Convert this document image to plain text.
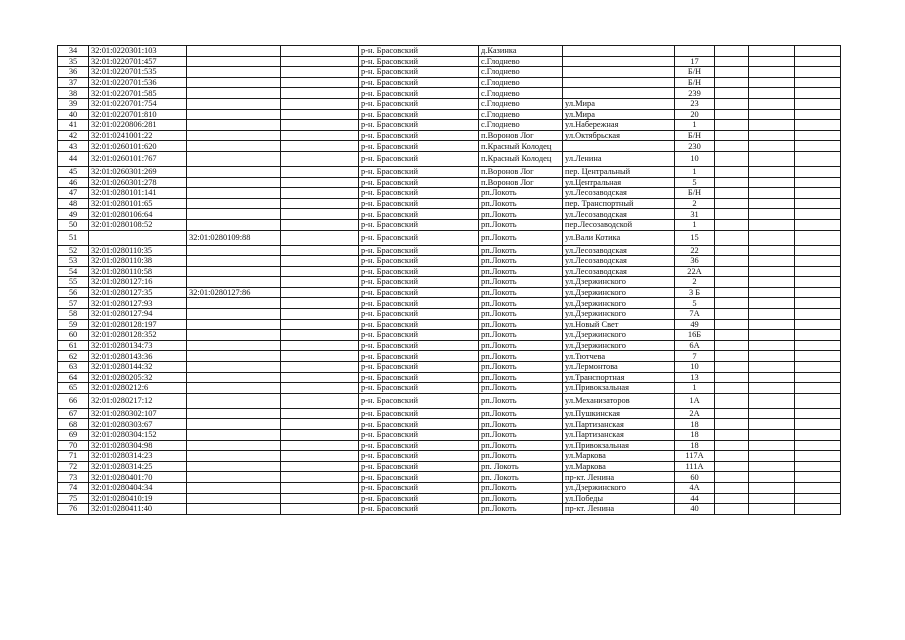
34	32:01:0220301:103			р-н. Брасовский	д.Казинка					
35	32:01:0220701:457			р-н. Брасовский	с.Глодневo		17			
36	32:01:0220701:535			р-н. Брасовский	с.Глодневo		Б/Н			
37	32:01:0220701:536			р-н. Брасовский	с.Глоднево		Б/Н			
38	32:01:0220701:585			р-н. Брасовский	с.Глоднево		239			
39	32:01:0220701:754			р-н. Брасовский	с.Глоднево	ул.Мира	23			
40	32:01:0220701:810			р-н. Брасовский	с.Глоднево	ул.Мира	20			
41	32:01:0220806:281			р-н. Брасовский	с.Глоднево	ул.Набережная	1			
42	32:01:0241001:22			р-н. Брасовский	п.Воронов Лог	ул.Октябрьская	Б/Н			
43	32:01:0260101:620			р-н. Брасовский	п.Красный Колодец		230			
44	32:01:0260101:767			р-н. Брасовский	п.Красный Колодец	ул.Ленина	10			
45	32:01:0260301:269			р-н. Брасовский	п.Воронов Лог	пер. Центральный	1			
46	32:01:0260301:278			р-н. Брасовский	п.Воронов Лог	ул.Центральная	5			
47	32:01:0280101:141			р-н. Брасовский	рп.Локоть	ул.Лесозаводская	Б/Н			
48	32:01:0280101:65			р-н. Брасовский	рп.Локоть	пер. Транспортный	2			
49	32:01:0280106:64			р-н. Брасовский	рп.Локоть	ул.Лесозаводская	31			
50	32:01:0280108:52			р-н. Брасовский	рп.Локоть	пер.Лесозаводской	1			
51		32:01:0280109:88		р-н. Брасовский	рп.Локоть	ул.Вали Котика	15			
52	32:01:0280110:35			р-н. Брасовский	рп.Локоть	ул.Лесозаводская	22			
53	32:01:0280110:38			р-н. Брасовский	рп.Локоть	ул.Лесозаводская	36			
54	32:01:0280110:58			р-н. Брасовский	рп.Локоть	ул.Лесозаводская	22А			
55	32:01:0280127:16			р-н. Брасовский	рп.Локоть	ул.Дзержинского	2			
56	32:01:0280127:35	32:01:0280127:86		р-н. Брасовский	рп.Локоть	ул.Дзержинского	3 Б			
57	32:01:0280127:93			р-н. Брасовский	рп.Локоть	ул.Дзержинского	5			
58	32:01:0280127:94			р-н. Брасовский	рп.Локоть	ул.Дзержинского	7А			
59	32:01:0280128:197			р-н. Брасовский	рп.Локоть	ул.Новый Свет	49			
60	32:01:0280128:352			р-н. Брасовский	рп.Локоть	ул.Дзержинского	16Б			
61	32:01:0280134:73			р-н. Брасовский	рп.Локоть	ул.Дзержинского	6А			
62	32:01:0280143:36			р-н. Брасовский	рп.Локоть	ул.Тютчева	7			
63	32:01:0280144:32			р-н. Брасовский	рп.Локоть	ул.Лермонтова	10			
64	32:01:0280205:32			р-н. Брасовский	рп.Локоть	ул.Транспортная	13			
65	32:01:0280212:6			р-н. Брасовский	рп.Локоть	ул.Привокзальная	1			
66	32:01:0280217:12			р-н. Брасовский	рп.Локоть	ул.Механизаторов	1А			
67	32:01:0280302:107			р-н. Брасовский	рп.Локоть	ул.Пушкинская	2А			
68	32:01:0280303:67			р-н. Брасовский	рп.Локоть	ул.Партизанская	18			
69	32:01:0280304:152			р-н. Брасовский	рп.Локоть	ул.Партизанская	18			
70	32:01:0280304:98			р-н. Брасовский	рп.Локоть	ул.Привокзальная	18			
71	32:01:0280314:23			р-н. Брасовский	рп.Локоть	ул.Маркова	117А			
72	32:01:0280314:25			р-н. Брасовский	рп. Локоть	ул.Маркова	111А			
73	32:01:0280401:70			р-н. Брасовский	рп. Локоть	пр-кт. Ленина	60			
74	32:01:0280404:34			р-н. Брасовский	рп.Локоть	ул.Дзержинского	4А			
75	32:01:0280410:19			р-н. Брасовский	рп.Локоть	ул.Победы	44			
76	32:01:0280411:40			р-н. Брасовский	рп.Локоть	пр-кт. Ленина	40			
